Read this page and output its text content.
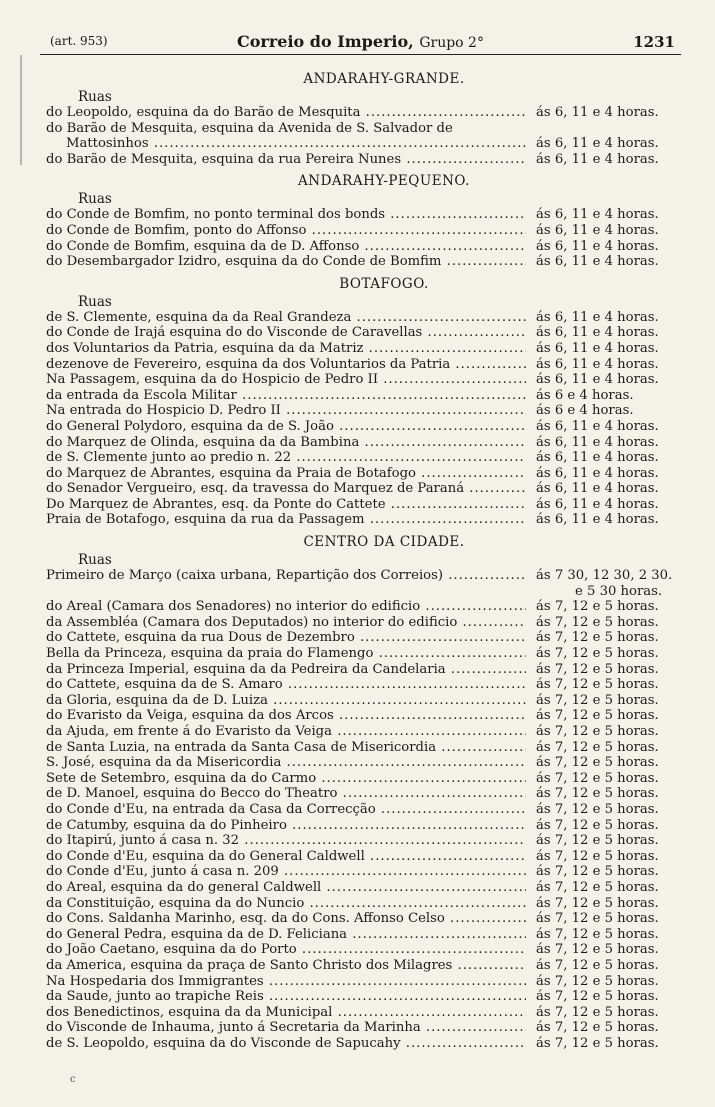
(art. 953)	Correio do Imperio, Grupo 2°	1231
ANDARAHY-GRANDE.
Ruas
do Leopoldo, esquina da do Barão de Mesquita .....	ás 6, 11 e 4 horas.
do Barão de Mesquita, esquina da Avenida de S. Salvador de
Mattosinhos .....	ás 6, 11 e 4 horas.
do Barão de Mesquita, esquina da rua Pereira Nunes .....	ás 6, 11 e 4 horas.
ANDARAHY-PEQUENO.
Ruas
do Conde de Bomfim, no ponto terminal dos bonds .....	ás 6, 11 e 4 horas.
do Conde de Bomfim, ponto do Affonso .....	ás 6, 11 e 4 horas.
do Conde de Bomfim, esquina da de D. Affonso .....	ás 6, 11 e 4 horas.
do Desembargador Izidro, esquina da do Conde de Bomfim .....	ás 6, 11 e 4 horas.
BOTAFOGO.
Ruas
de S. Clemente, esquina da da Real Grandeza .....	ás 6, 11 e 4 horas.
do Conde de Irajá esquina do do Visconde de Caravellas .....	ás 6, 11 e 4 horas.
dos Voluntarios da Patria, esquina da da Matriz .....	ás 6, 11 e 4 horas.
dezenove de Fevereiro, esquina da dos Voluntarios da Patria .....	ás 6, 11 e 4 horas.
Na Passagem, esquina da do Hospicio de Pedro II .....	ás 6, 11 e 4 horas.
da entrada da Escola Militar .....	ás 6 e 4 horas.
Na entrada do Hospicio D. Pedro II .....	ás 6 e 4 horas.
do General Polydoro, esquina da de S. João .....	ás 6, 11 e 4 horas.
do Marquez de Olinda, esquina da da Bambina .....	ás 6, 11 e 4 horas.
de S. Clemente junto ao predio n. 22 .....	ás 6, 11 e 4 horas.
do Marquez de Abrantes, esquina da Praia de Botafogo .....	ás 6, 11 e 4 horas.
do Senador Vergueiro, esq. da travessa do Marquez de Paraná .....	ás 6, 11 e 4 horas.
Do Marquez de Abrantes, esq. da Ponte do Cattete .....	ás 6, 11 e 4 horas.
Praia de Botafogo, esquina da rua da Passagem .....	ás 6, 11 e 4 horas.
CENTRO DA CIDADE.
Ruas
Primeiro de Março (caixa urbana, Repartição dos Correios) .....	ás 7 30, 12 30, 2 30.
e 5 30 horas.
do Areal (Camara dos Senadores) no interior do edificio .....	ás 7, 12 e 5 horas.
da Assembléa (Camara dos Deputados) no interior do edificio .....	ás 7, 12 e 5 horas.
do Cattete, esquina da rua Dous de Dezembro .....	ás 7, 12 e 5 horas.
Bella da Princeza, esquina da praia do Flamengo .....	ás 7, 12 e 5 horas.
da Princeza Imperial, esquina da da Pedreira da Candelaria .....	ás 7, 12 e 5 horas.
do Cattete, esquina da de S. Amaro .....	ás 7, 12 e 5 horas.
da Gloria, esquina da de D. Luiza .....	ás 7, 12 e 5 horas.
do Evaristo da Veiga, esquina da dos Arcos .....	ás 7, 12 e 5 horas.
da Ajuda, em frente á do Evaristo da Veiga .....	ás 7, 12 e 5 horas.
de Santa Luzia, na entrada da Santa Casa de Misericordia .....	ás 7, 12 e 5 horas.
S. José, esquina da da Misericordia .....	ás 7, 12 e 5 horas.
Sete de Setembro, esquina da do Carmo .....	ás 7, 12 e 5 horas.
de D. Manoel, esquina do Becco do Theatro .....	ás 7, 12 e 5 horas.
do Conde d'Eu, na entrada da Casa da Correcção .....	ás 7, 12 e 5 horas.
de Catumby, esquina da do Pinheiro .....	ás 7, 12 e 5 horas.
do Itapirú, junto á casa n. 32 .....	ás 7, 12 e 5 horas.
do Conde d'Eu, esquina da do General Caldwell .....	ás 7, 12 e 5 horas.
do Conde d'Eu, junto á casa n. 209 .....	ás 7, 12 e 5 horas.
do Areal, esquina da do general Caldwell .....	ás 7, 12 e 5 horas.
da Constituição, esquina da do Nuncio .....	ás 7, 12 e 5 horas.
do Cons. Saldanha Marinho, esq. da do Cons. Affonso Celso .....	ás 7, 12 e 5 horas.
do General Pedra, esquina da de D. Feliciana .....	ás 7, 12 e 5 horas.
do João Caetano, esquina da do Porto .....	ás 7, 12 e 5 horas.
da America, esquina da praça de Santo Christo dos Milagres .....	ás 7, 12 e 5 horas.
Na Hospedaria dos Immigrantes .....	ás 7, 12 e 5 horas.
da Saude, junto ao trapiche Reis .....	ás 7, 12 e 5 horas.
dos Benedictinos, esquina da da Municipal .....	ás 7, 12 e 5 horas.
do Visconde de Inhauma, junto á Secretaria da Marinha .....	ás 7, 12 e 5 horas.
de S. Leopoldo, esquina da do Visconde de Sapucahy .....	ás 7, 12 e 5 horas.
c
